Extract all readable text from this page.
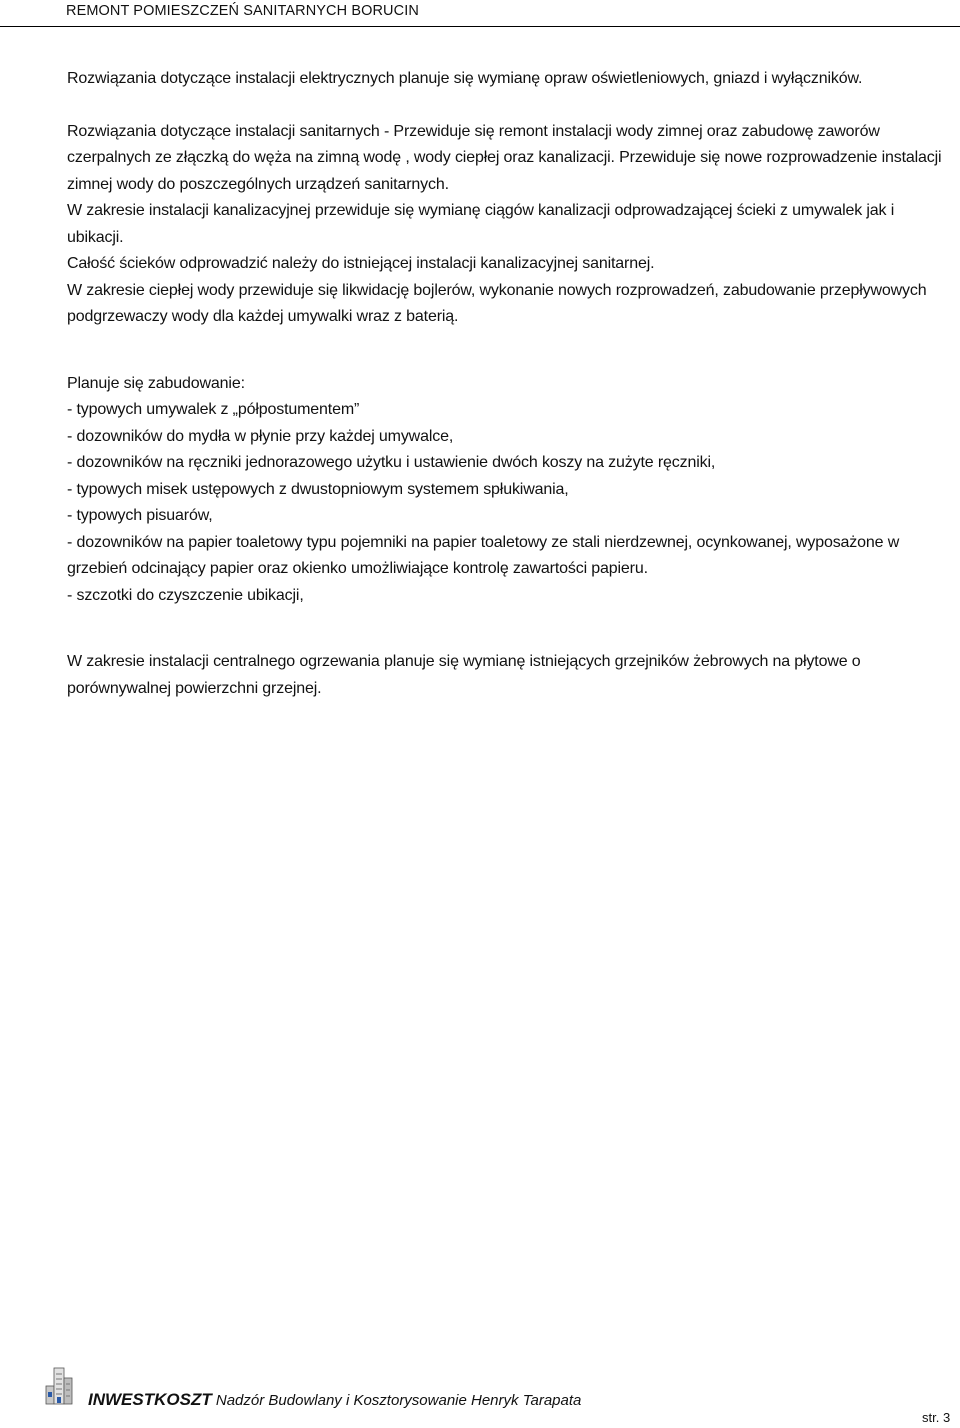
REMONT POMIESZCZEŃ SANITARNYCH BORUCIN

Rozwiązania dotyczące instalacji elektrycznych planuje się wymianę opraw oświetleniowych, gniazd i wyłączników.

Rozwiązania dotyczące instalacji sanitarnych - Przewiduje się remont instalacji wody zimnej oraz zabudowę zaworów czerpalnych ze złączką do węża na zimną wodę , wody ciepłej oraz kanalizacji. Przewiduje się nowe rozprowadzenie instalacji zimnej wody do poszczególnych urządzeń sanitarnych.

W zakresie instalacji kanalizacyjnej przewiduje się wymianę ciągów kanalizacji odprowadzającej ścieki z umywalek jak i ubikacji.

Całość ścieków odprowadzić należy do istniejącej instalacji kanalizacyjnej sanitarnej.

W zakresie ciepłej wody przewiduje się likwidację bojlerów, wykonanie nowych rozprowadzeń, zabudowanie przepływowych podgrzewaczy wody dla każdej umywalki wraz z baterią.

Planuje się zabudowanie:

- typowych umywalek z „półpostumentem”

- dozowników do mydła w płynie przy każdej umywalce,

- dozowników na ręczniki jednorazowego użytku i ustawienie dwóch koszy na zużyte ręczniki,

- typowych misek ustępowych z dwustopniowym systemem spłukiwania,

- typowych pisuarów,

- dozowników na papier toaletowy typu pojemniki na papier toaletowy ze stali nierdzewnej, ocynkowanej, wyposażone w grzebień odcinający papier oraz okienko umożliwiające kontrolę zawartości papieru.

- szczotki do czyszczenie ubikacji,

W zakresie instalacji centralnego ogrzewania planuje się wymianę istniejących grzejników żebrowych na płytowe o porównywalnej powierzchni grzejnej.

INWESTKOSZT Nadzór Budowlany i Kosztorysowanie Henryk Tarapata
str. 3
